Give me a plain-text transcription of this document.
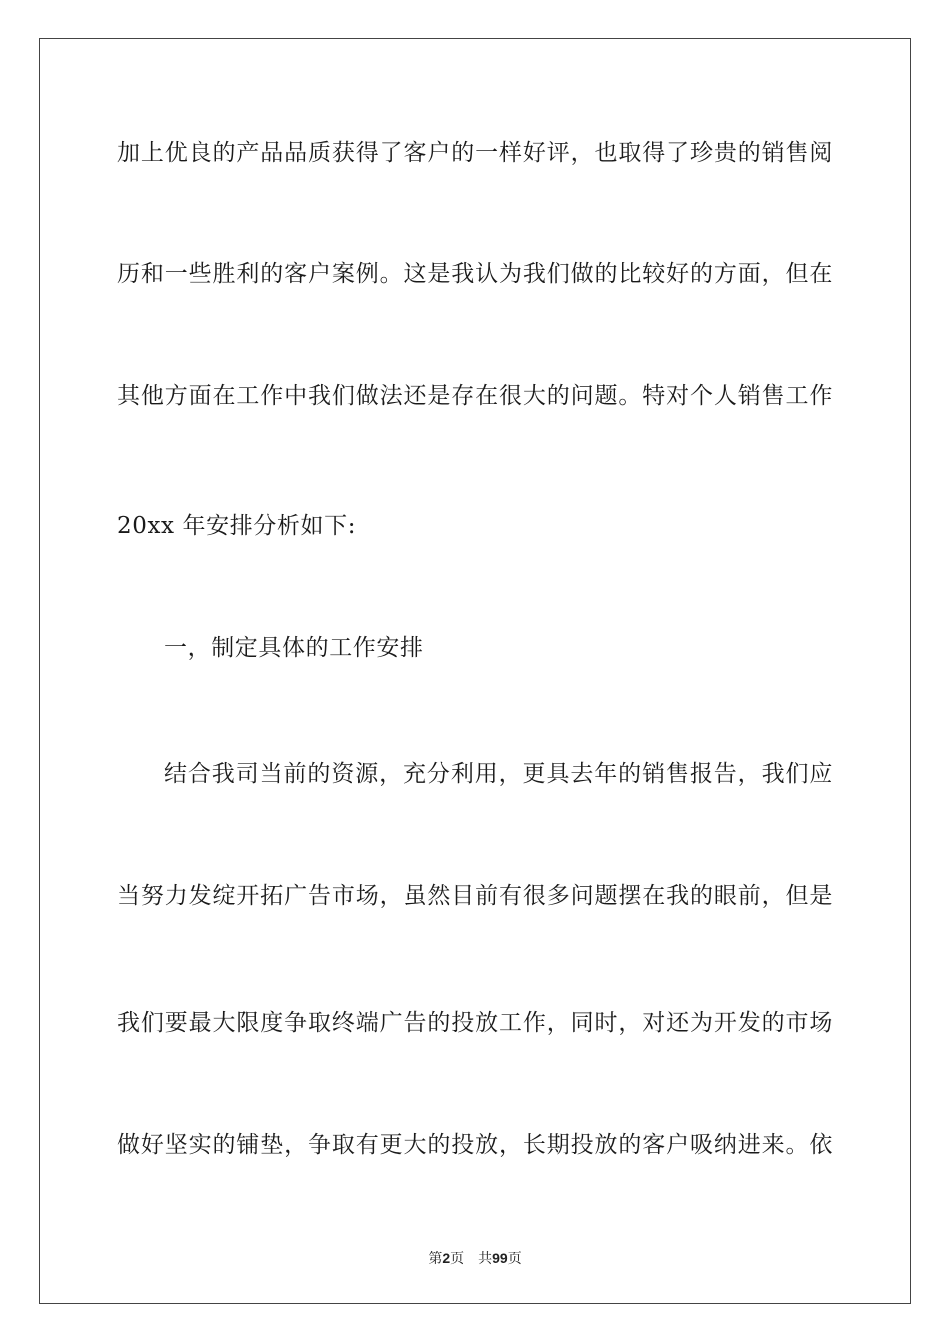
加上优良的产品品质获得了客户的一样好评，也取得了珍贵的销售阅
历和一些胜利的客户案例。这是我认为我们做的比较好的方面，但在
其他方面在工作中我们做法还是存在很大的问题。特对个人销售工作
20xx 年安排分析如下:
一，制定具体的工作安排
结合我司当前的资源，充分利用，更具去年的销售报告，我们应
当努力发绽开拓广告市场，虽然目前有很多问题摆在我的眼前，但是
我们要最大限度争取终端广告的投放工作，同时，对还为开发的市场
做好坚实的铺垫，争取有更大的投放，长期投放的客户吸纳进来。依
第2页 共99页
